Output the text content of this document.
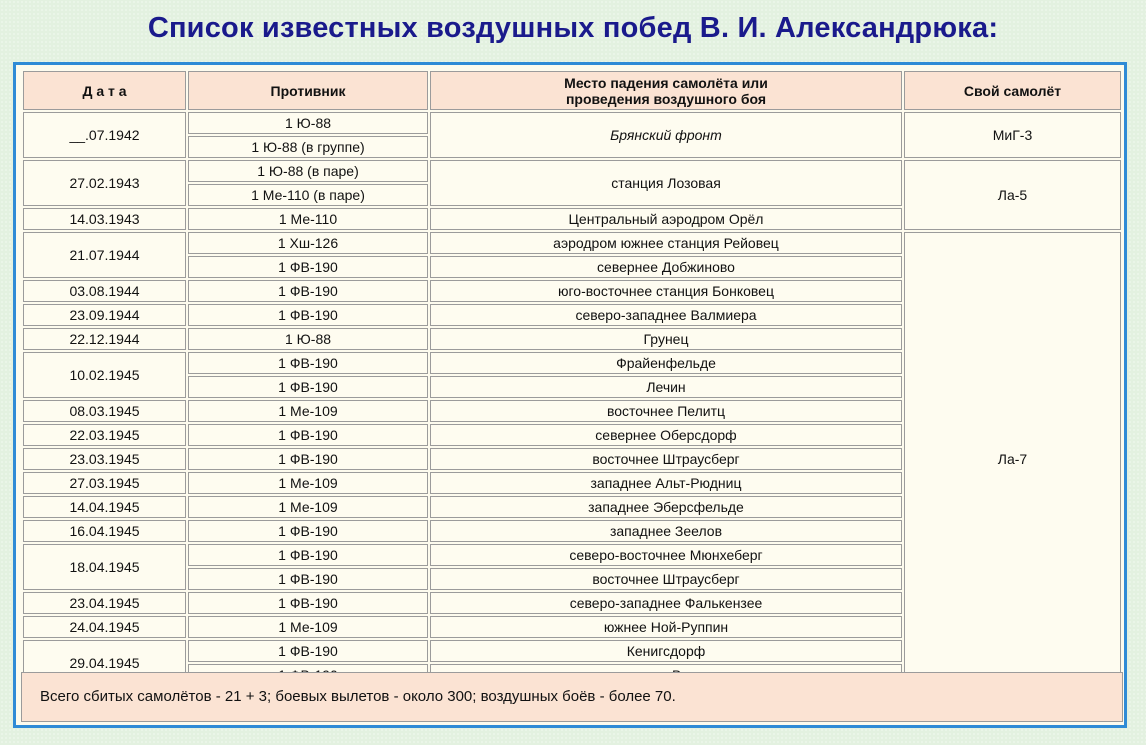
Список известных воздушных побед В. И. Александрюка:
Д а т а	Противник	Место падения самолёта или
проведения воздушного боя	Свой самолёт
__.07.1942	1 Ю-88	Брянский фронт	МиГ-3
	1 Ю-88 (в группе)		
27.02.1943	1 Ю-88 (в паре)	станция Лозовая	Ла-5
	1 Ме-110 (в паре)		
14.03.1943	1 Ме-110	Центральный аэродром Орёл	
21.07.1944	1 Хш-126	аэродром южнее станция Рейовец	Ла-7
	1 ФВ-190	севернее Добжиново	
03.08.1944	1 ФВ-190	юго-восточнее станция Бонковец	
23.09.1944	1 ФВ-190	северо-западнее Валмиера	
22.12.1944	1 Ю-88	Грунец	
10.02.1945	1 ФВ-190	Фрайенфельде	
	1 ФВ-190	Лечин	
08.03.1945	1 Ме-109	восточнее Пелитц	
22.03.1945	1 ФВ-190	севернее Оберсдорф	
23.03.1945	1 ФВ-190	восточнее Штраусберг	
27.03.1945	1 Ме-109	западнее Альт-Рюдниц	
14.04.1945	1 Ме-109	западнее Эберсфельде	
16.04.1945	1 ФВ-190	западнее Зеелов	
18.04.1945	1 ФВ-190	северо-восточнее Мюнхеберг	
	1 ФВ-190	восточнее Штраусберг	
23.04.1945	1 ФВ-190	северо-западнее Фалькензее	
24.04.1945	1 Ме-109	южнее Ной-Руппин	
29.04.1945	1 ФВ-190	Кенигсдорф	

Всего сбитых самолётов - 21 + 3; боевых вылетов - около 300; воздушных боёв - более 70.
